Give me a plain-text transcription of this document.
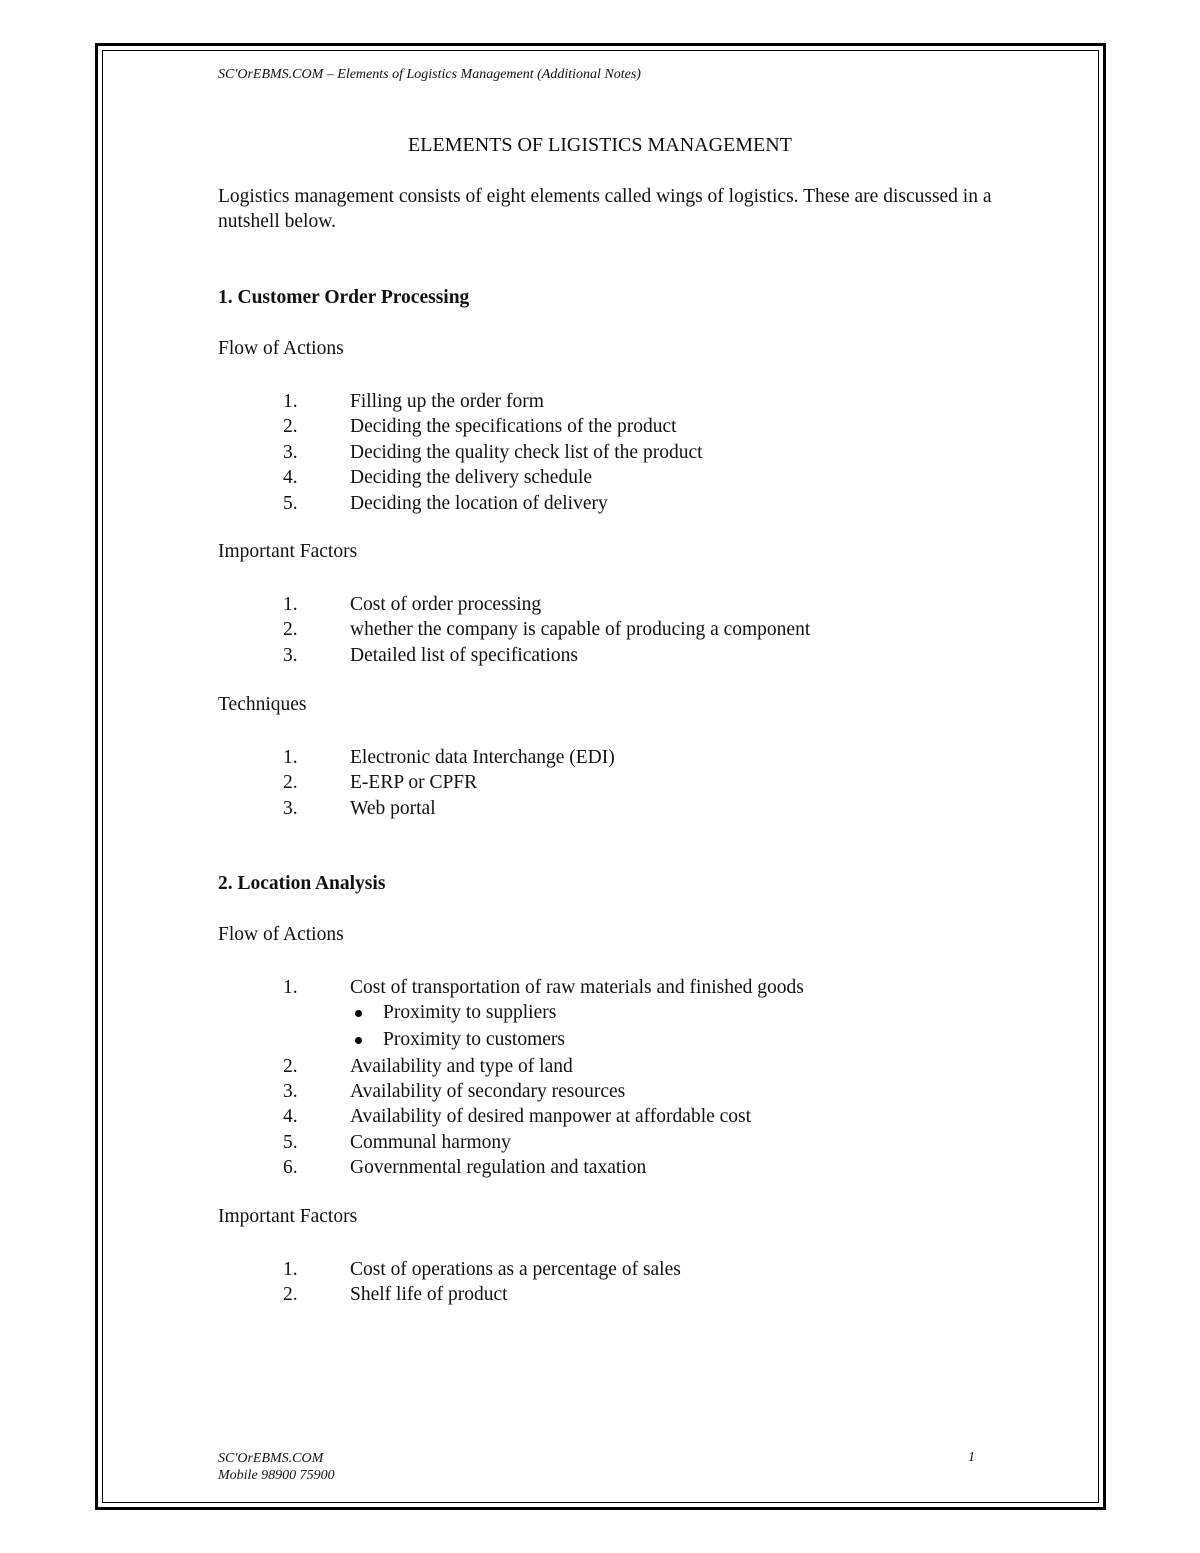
SC'OrEBMS.COM – Elements of Logistics Management (Additional Notes)
ELEMENTS OF LIGISTICS MANAGEMENT
Logistics management consists of eight elements called wings of logistics. These are discussed in a nutshell below.
1. Customer Order Processing
Flow of Actions
1.	Filling up the order form
2.	Deciding the specifications of the product
3.	Deciding the quality check list of the product
4.	Deciding the delivery schedule
5.	Deciding the location of delivery
Important Factors
1.	Cost of order processing
2.	whether the company is capable of producing a component
3.	Detailed list of specifications
Techniques
1.	Electronic data Interchange (EDI)
2.	E-ERP or CPFR
3.	Web portal
2. Location Analysis
Flow of Actions
1.	Cost of transportation of raw materials and finished goods
Proximity to suppliers
Proximity to customers
2.	Availability and type of land
3.	Availability of secondary resources
4.	Availability of desired manpower at affordable cost
5.	Communal harmony
6.	Governmental regulation and taxation
Important Factors
1.	Cost of operations as a percentage of sales
2.	Shelf life of product
SC'OrEBMS.COM
Mobile 98900 75900
1
